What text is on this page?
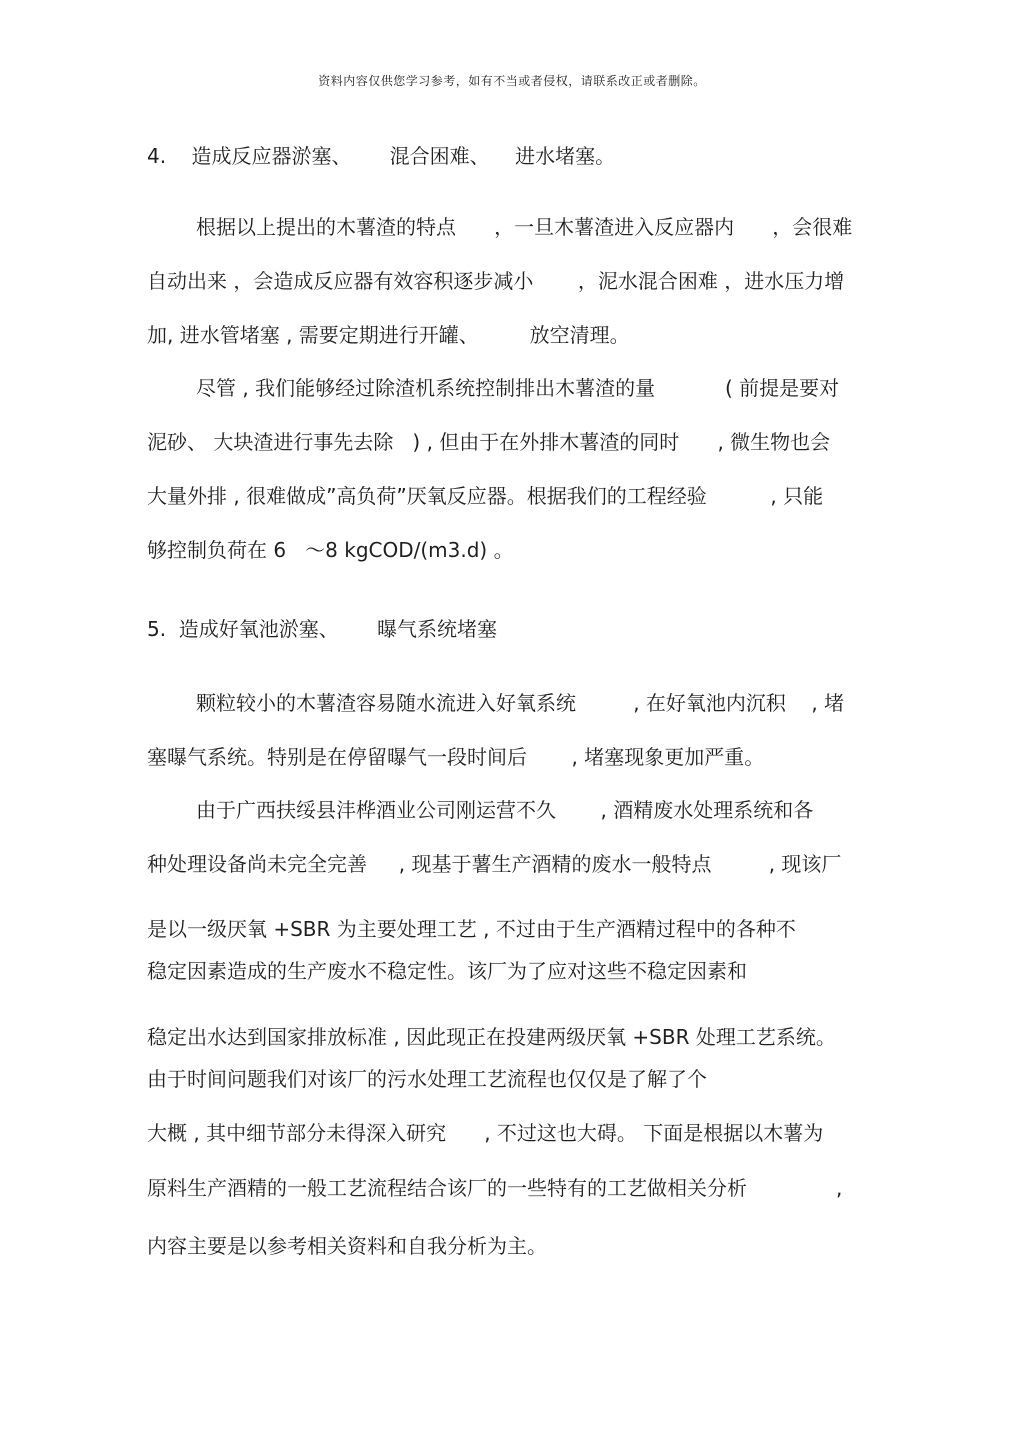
资料内容仅供您学习参考，如有不当或者侵权，请联系改正或者删除。
4.    造成反应器淤塞、      混合困难、    进水堵塞。
根据以上提出的木薯渣的特点      ，一旦木薯渣进入反应器内      ，会很难
自动出来 ，会造成反应器有效容积逐步减小       ，泥水混合困难 ，进水压力增
加, 进水管堵塞 , 需要定期进行开罐、        放空清理。
尽管 , 我们能够经过除渣机系统控制排出木薯渣的量           ( 前提是要对
泥砂、 大块渣进行事先去除   ) , 但由于在外排木薯渣的同时      , 微生物也会
大量外排 , 很难做成”高负荷”厌氧反应器。根据我们的工程经验          , 只能
够控制负荷在 6   ～8 kgCOD/(m3.d) 。
5.  造成好氧池淤塞、      曝气系统堵塞
颗粒较小的木薯渣容易随水流进入好氧系统         , 在好氧池内沉积    , 堵
塞曝气系统。特别是在停留曝气一段时间后       , 堵塞现象更加严重。
由于广西扶绥县沣桦酒业公司刚运营不久       , 酒精废水处理系统和各
种处理设备尚未完全完善     , 现基于薯生产酒精的废水一般特点         , 现该厂
是以一级厌氧 +SBR 为主要处理工艺 , 不过由于生产酒精过程中的各种不
稳定因素造成的生产废水不稳定性。该厂为了应对这些不稳定因素和
稳定出水达到国家排放标准 , 因此现正在投建两级厌氧 +SBR 处理工艺系统。
由于时间问题我们对该厂的污水处理工艺流程也仅仅是了解了个
大概 , 其中细节部分未得深入研究      , 不过这也大碍。 下面是根据以木薯为
原料生产酒精的一般工艺流程结合该厂的一些特有的工艺做相关分析              ,
内容主要是以参考相关资料和自我分析为主。
